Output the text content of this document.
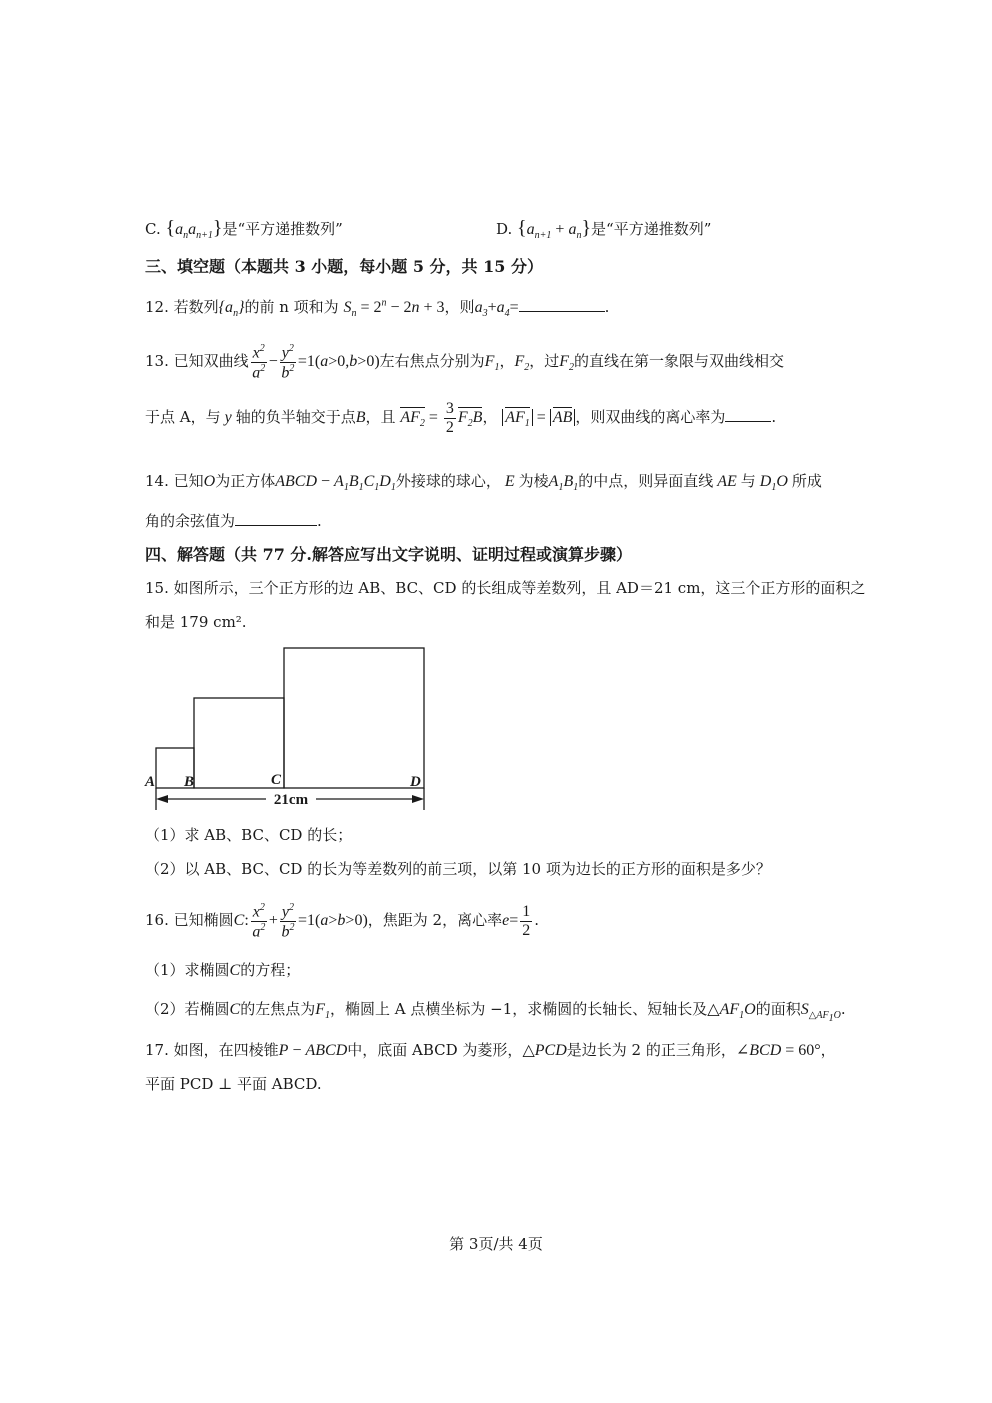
C. $\{a_na_{n+1}\}$是“平方递推数列”	D. $\{a_{n+1} + a_n\}$是“平方递推数列”
三、填空题（本题共 3 小题，每小题 5 分，共 15 分）
12. 若数列$\{a_n\}$的前 n 项和为 $S_n = 2^n - 2n + 3$，则$a_3+a_4=$	.
13. 已知双曲线 $\frac{x^2}{a^2} - \frac{y^2}{b^2} =1(a>0,b>0)$左右焦点分别为$F_1$，$F_2$，过$F_2$的直线在第一象限与双曲线相交
于点 A，与 y 轴的负半轴交于点B，且 $AF_2 = \frac{3}{2} F_2B$， $AF_1$ = AB ，则双曲线的离心率为	.
14. 已知O为正方体ABCD − $A_1B_1C_1D_1$外接球的球心， E 为棱$A_1B_1$的中点，则异面直线 AE 与 $D_1O$ 所成
角的余弦值为	.
四、解答题（共 77 分.解答应写出文字说明、证明过程或演算步骤）
15. 如图所示，三个正方形的边 AB、BC、CD 的长组成等差数列，且 AD＝21 cm，这三个正方形的面积之
和是 179 cm².
A B	C	D
21cm
（1）求 AB、BC、CD 的长；
（2）以 AB、BC、CD 的长为等差数列的前三项，以第 10 项为边长的正方形的面积是多少？
16. 已知椭圆C: $\frac{x^2}{a^2} + \frac{y^2}{b^2} =1(a>b>0)$，焦距为 2，离心率$e= \frac{1}{2}$ .
（1）求椭圆C的方程；
（2）若椭圆C的左焦点为$F_1$，椭圆上 A 点横坐标为 −1，求椭圆的长轴长、短轴长及$\triangle AF_1O$的面积$S_{\triangle AF_1O}$.
17. 如图，在四棱锥P − ABCD中，底面 ABCD 为菱形，△PCD是边长为 2 的正三角形，∠BCD = 60°，
平面 PCD ⊥ 平面 ABCD.
第 3页/共 4页
